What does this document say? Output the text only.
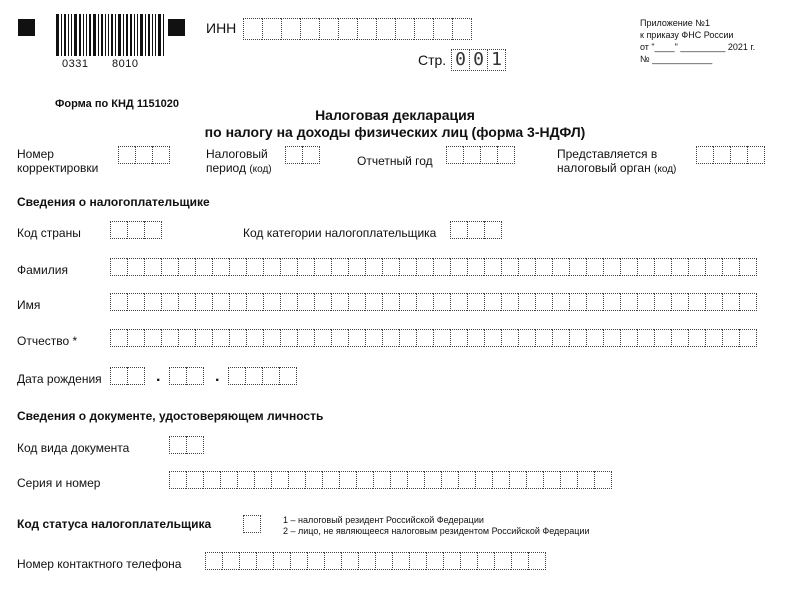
0331 8010
ИНН
Стр. 0 0 1
Приложение №1
к приказу ФНС России
от "____" _________ 2021 г.
№ ____________
Форма по КНД 1151020
Налоговая декларация
по налогу на доходы физических лиц (форма 3-НДФЛ)
Номер
корректировки
Налоговый
период (код)
Отчетный год	Представляется в
налоговый орган (код)
Сведения о налогоплательщике
Код страны	Код категории налогоплательщика
Фамилия
Имя
Отчество *
Дата рождения	.	.
Сведения о документе, удостоверяющем личность
Код вида документа
Серия и номер
Код статуса налогоплательщика	1 – налоговый резидент Российской Федерации
2 – лицо, не являющееся налоговым резидентом Российской Федерации
Номер контактного телефона
